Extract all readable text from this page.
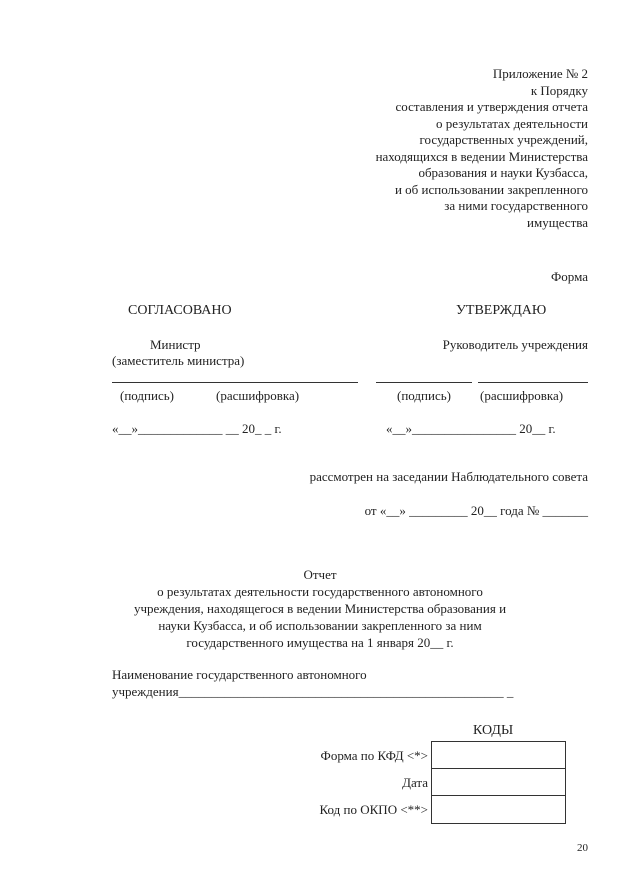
Приложение № 2
к Порядку
составления и утверждения отчета
о результатах деятельности
государственных учреждений,
находящихся в ведении Министерства
образования и науки Кузбасса,
и об использовании закрепленного
за ними государственного
имущества
Форма
СОГЛАСОВАНО	УТВЕРЖДАЮ
Министр
(заместитель министра)
Руководитель учреждения
(подпись)	(расшифровка)	(подпись) (расшифровка)
«__»_____________ __ 20_ _ г.	«__»________________ 20__ г.
рассмотрен на заседании Наблюдательного совета
от «__» _________ 20__ года № _______
Отчет
о результатах деятельности государственного автономного
учреждения, находящегося в ведении Министерства образования и
науки Кузбасса, и об использовании закрепленного за ним
государственного имущества на 1 января 20__ г.
Наименование государственного автономного
учреждения__________________________________________________ _
КОДЫ
Форма по КФД <*>
Дата
Код по ОКПО <**>
20
